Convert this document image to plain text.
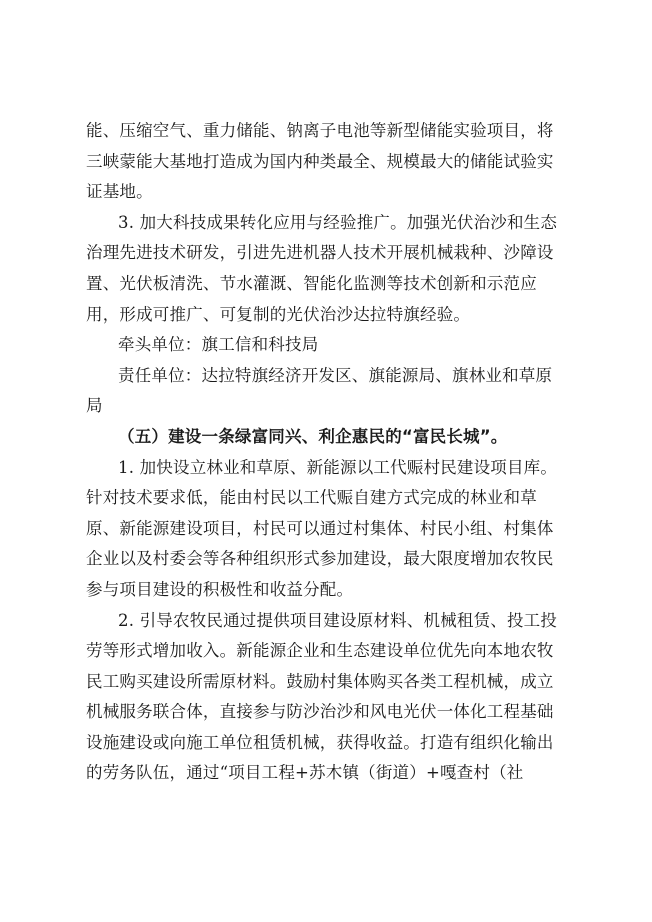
能、压缩空气、重力储能、钠离子电池等新型储能实验项目，将
三峡蒙能大基地打造成为国内种类最全、规模最大的储能试验实
证基地。
3. 加大科技成果转化应用与经验推广。加强光伏治沙和生态
治理先进技术研发，引进先进机器人技术开展机械栽种、沙障设
置、光伏板清洗、节水灌溉、智能化监测等技术创新和示范应
用，形成可推广、可复制的光伏治沙达拉特旗经验。
牵头单位：旗工信和科技局
责任单位：达拉特旗经济开发区、旗能源局、旗林业和草原
局
（五）建设一条绿富同兴、利企惠民的“富民长城”。
1. 加快设立林业和草原、新能源以工代赈村民建设项目库。
针对技术要求低，能由村民以工代赈自建方式完成的林业和草
原、新能源建设项目，村民可以通过村集体、村民小组、村集体
企业以及村委会等各种组织形式参加建设，最大限度增加农牧民
参与项目建设的积极性和收益分配。
2. 引导农牧民通过提供项目建设原材料、机械租赁、投工投
劳等形式增加收入。新能源企业和生态建设单位优先向本地农牧
民工购买建设所需原材料。鼓励村集体购买各类工程机械，成立
机械服务联合体，直接参与防沙治沙和风电光伏一体化工程基础
设施建设或向施工单位租赁机械，获得收益。打造有组织化输出
的劳务队伍，通过“项目工程+苏木镇（街道）+嘎查村（社
